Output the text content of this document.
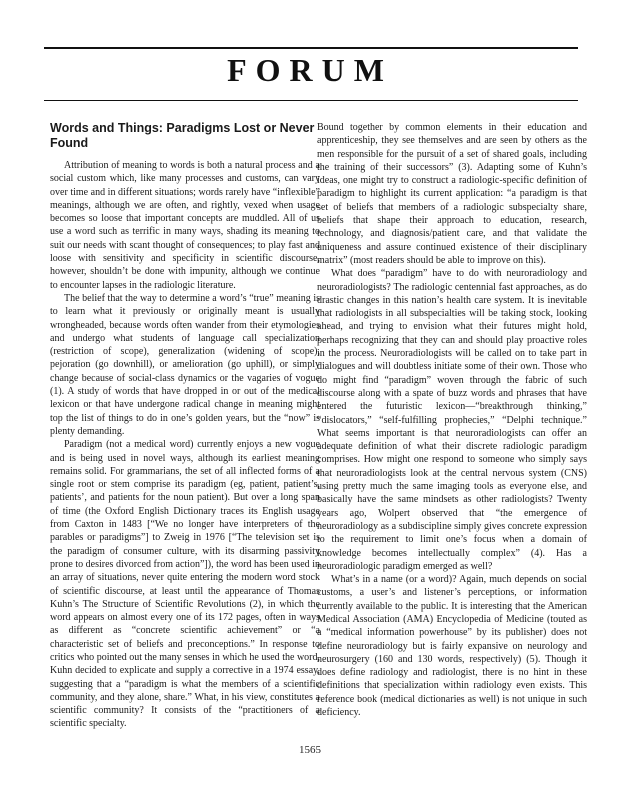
FORUM
Words and Things: Paradigms Lost or Never Found

Attribution of meaning to words is both a natural process and a social custom which, like many processes and customs, can vary over time and in different situations; words rarely have “inflexible” meanings, although we are often, and rightly, vexed when usage becomes so loose that important concepts are muddled. All of us use a word such as terrific in many ways, shading its meaning to suit our needs with scant thought of consequences; to play fast and loose with sensitivity and specificity in scientific discourse, however, shouldn’t be done with impunity, although we continue to encounter lapses in the radiologic literature.

The belief that the way to determine a word’s “true” meaning is to learn what it previously or originally meant is usually wrongheaded, because words often wander from their etymologies and undergo what students of language call specialization (restriction of scope), generalization (widening of scope), pejoration (go downhill), or amelioration (go uphill), or simply change because of social-class dynamics or the vagaries of vogue (1). A study of words that have dropped in or out of the medical lexicon or that have undergone radical change in meaning might top the list of things to do in one’s golden years, but the “now” is plenty demanding.

Paradigm (not a medical word) currently enjoys a new vogue and is being used in novel ways, although its earliest meaning remains solid. For grammarians, the set of all inflected forms of a single root or stem comprise its paradigm (eg, patient, patient’s, patients’, and patients for the noun patient). But over a long span of time (the Oxford English Dictionary traces its English usage from Caxton in 1483 [“We no longer have interpreters of the parables or paradigms”] to Zweig in 1976 [“The television set is the paradigm of consumer culture, with its disarming passivity prone to desires divorced from action”]), the word has been used in an array of situations, never quite entering the modern word stock of scientific discourse, at least until the appearance of Thomas Kuhn’s The Structure of Scientific Revolutions (2), in which the word appears on almost every one of its 172 pages, often in ways as different as “concrete scientific achievement” or “a characteristic set of beliefs and preconceptions.” In response to critics who pointed out the many senses in which he used the word, Kuhn decided to explicate and supply a corrective in a 1974 essay, suggesting that a “paradigm is what the members of a scientific community, and they alone, share.” What, in his view, constitutes a scientific community? It consists of the “practitioners of a scientific specialty.

Bound together by common elements in their education and apprenticeship, they see themselves and are seen by others as the men responsible for the pursuit of a set of shared goals, including the training of their successors” (3). Adapting some of Kuhn’s ideas, one might try to construct a radiologic-specific definition of paradigm to highlight its current application: “a paradigm is that set of beliefs that members of a radiologic subspecialty share, beliefs that shape their approach to education, research, technology, and diagnosis/patient care, and that validate the uniqueness and assure continued existence of their disciplinary matrix” (most readers should be able to improve on this).

What does “paradigm” have to do with neuroradiology and neuroradiologists? The radiologic centennial fast approaches, as do drastic changes in this nation’s health care system. It is inevitable that radiologists in all subspecialties will be taking stock, looking ahead, and trying to envision what their futures might hold, perhaps recognizing that they can and should play proactive roles in the process. Neuroradiologists will be called on to take part in dialogues and will doubtless initiate some of their own. Those who do might find “paradigm” woven through the fabric of such discourse along with a spate of buzz words and phrases that have entered the futuristic lexicon—“breakthrough thinking,” “dislocators,” “self-fulfilling prophecies,” “Delphi technique.” What seems important is that neuroradiologists can offer an adequate definition of what their discrete radiologic paradigm comprises. How might one respond to someone who simply says that neuroradiologists look at the central nervous system (CNS) using pretty much the same imaging tools as everyone else, and basically have the same mindsets as other radiologists? Twenty years ago, Wolpert observed that “the emergence of neuroradiology as a subdiscipline simply gives concrete expression to the requirement to limit one’s focus when a domain of knowledge becomes intellectually complex” (4). Has a neuroradiologic paradigm emerged as well?

What’s in a name (or a word)? Again, much depends on social customs, a user’s and listener’s perceptions, or information currently available to the public. It is interesting that the American Medical Association (AMA) Encyclopedia of Medicine (touted as a “medical information powerhouse” by its publisher) does not define neuroradiology but is fairly expansive on neurology and neurosurgery (160 and 130 words, respectively) (5). Though it does define radiology and radiologist, there is no hint in these definitions that specialization within radiology even exists. This reference book (medical dictionaries as well) is not unique in such deficiency.

1565
